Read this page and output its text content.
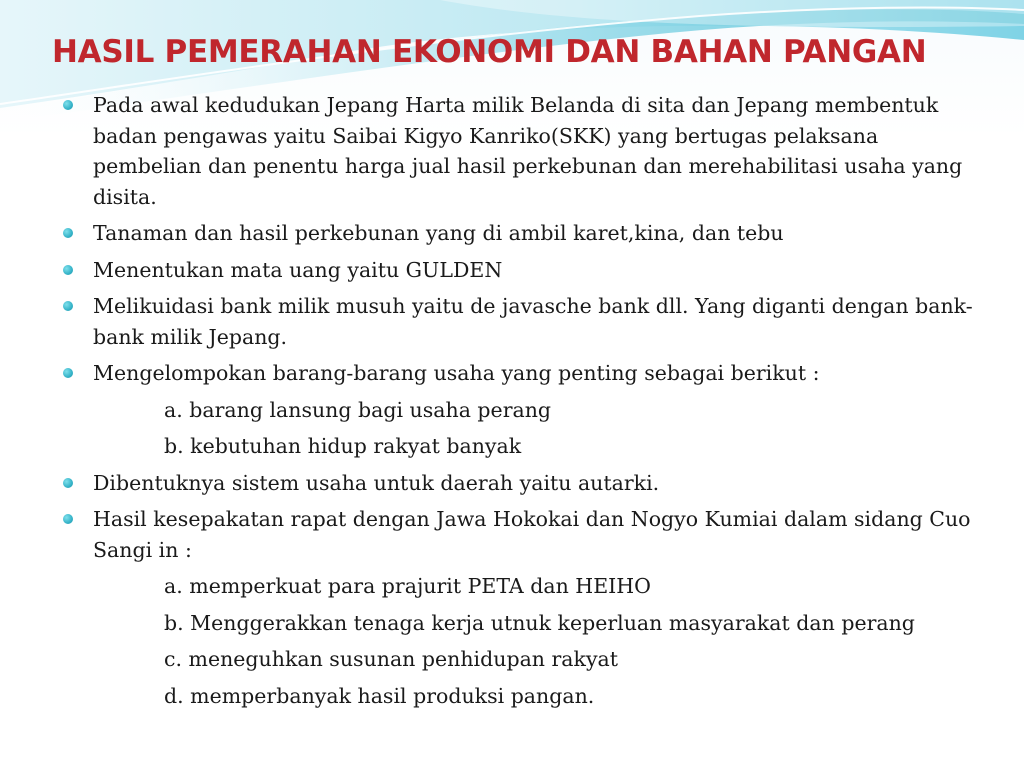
HASIL PEMERAHAN EKONOMI DAN BAHAN PANGAN
Pada awal kedudukan Jepang Harta milik Belanda di sita dan Jepang membentuk badan pengawas yaitu Saibai Kigyo Kanriko(SKK) yang bertugas pelaksana pembelian dan penentu harga jual hasil perkebunan dan merehabilitasi usaha yang disita.
Tanaman dan hasil perkebunan yang di ambil karet,kina, dan tebu
Menentukan mata uang yaitu GULDEN
Melikuidasi bank milik musuh yaitu de javasche bank dll. Yang diganti dengan bank-bank milik Jepang.
Mengelompokan barang-barang usaha yang penting sebagai berikut :
a. barang lansung bagi usaha perang
b. kebutuhan hidup rakyat banyak
Dibentuknya sistem usaha untuk daerah yaitu autarki.
Hasil kesepakatan rapat dengan Jawa Hokokai dan Nogyo Kumiai dalam sidang Cuo Sangi in :
a. memperkuat para prajurit PETA dan HEIHO
b. Menggerakkan tenaga kerja utnuk keperluan masyarakat dan perang
c. meneguhkan susunan penhidupan rakyat
d. memperbanyak hasil produksi pangan.
